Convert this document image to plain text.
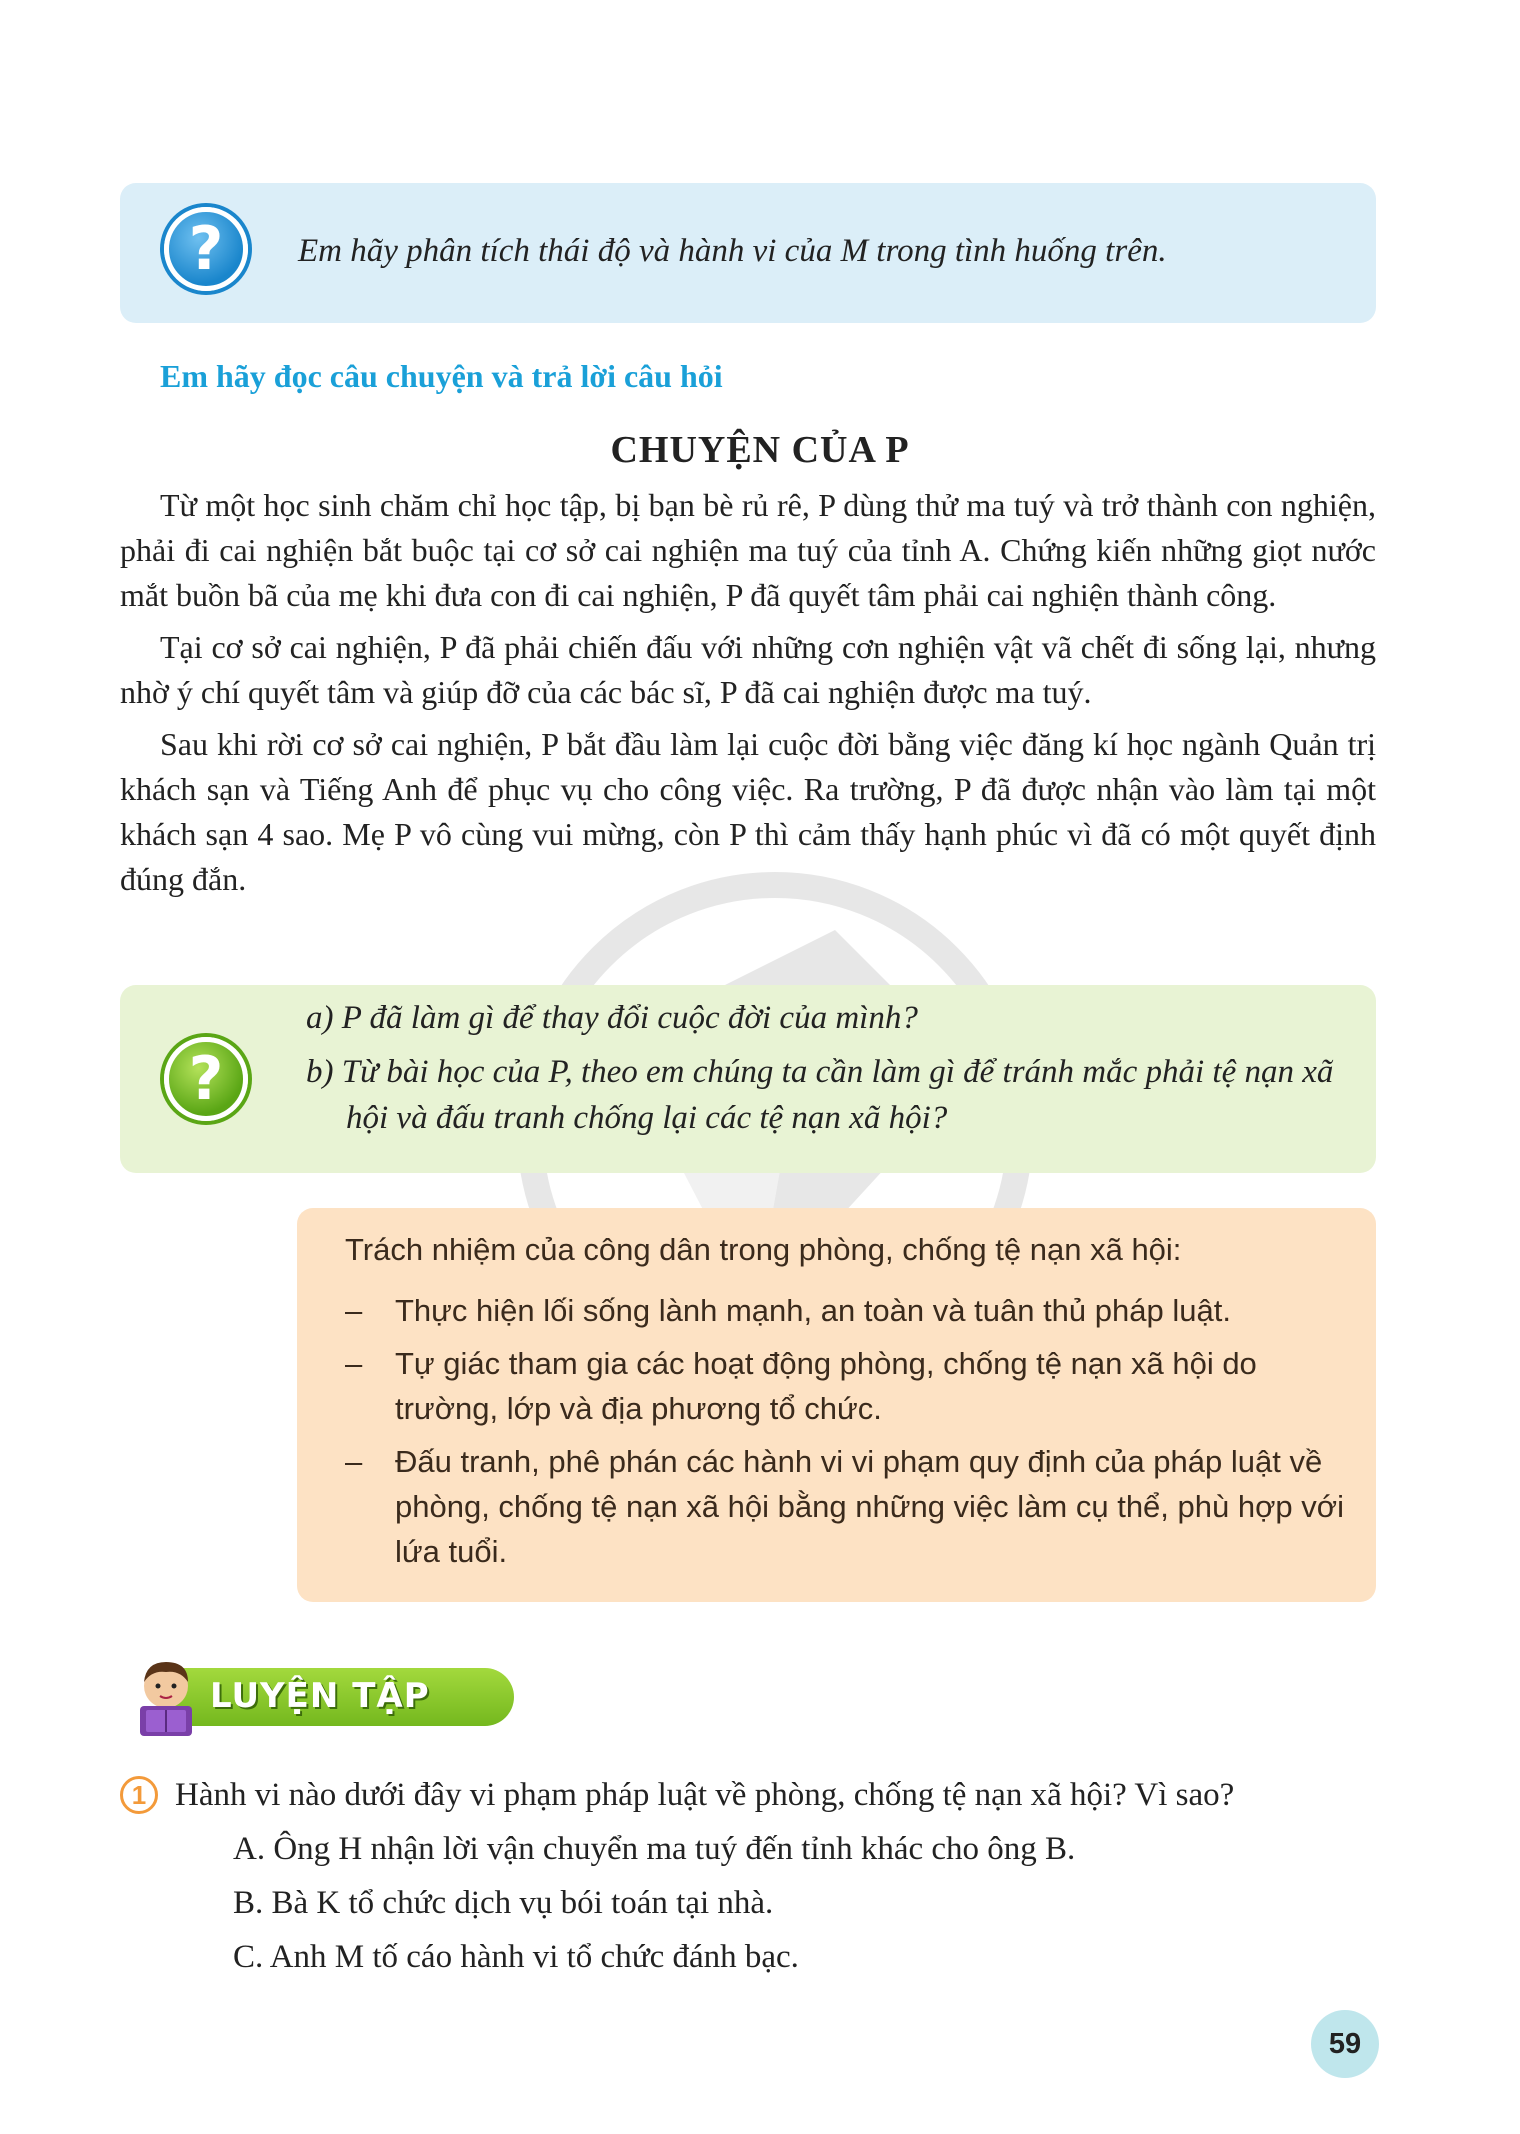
?	Em hãy phân tích thái độ và hành vi của M trong tình huống trên.
Em hãy đọc câu chuyện và trả lời câu hỏi
CHUYỆN CỦA P

Từ một học sinh chăm chỉ học tập, bị bạn bè rủ rê, P dùng thử ma tuý và trở thành con nghiện, phải đi cai nghiện bắt buộc tại cơ sở cai nghiện ma tuý của tỉnh A. Chứng kiến những giọt nước mắt buồn bã của mẹ khi đưa con đi cai nghiện, P đã quyết tâm phải cai nghiện thành công.

Tại cơ sở cai nghiện, P đã phải chiến đấu với những cơn nghiện vật vã chết đi sống lại, nhưng nhờ ý chí quyết tâm và giúp đỡ của các bác sĩ, P đã cai nghiện được ma tuý.

Sau khi rời cơ sở cai nghiện, P bắt đầu làm lại cuộc đời bằng việc đăng kí học ngành Quản trị khách sạn và Tiếng Anh để phục vụ cho công việc. Ra trường, P đã được nhận vào làm tại một khách sạn 4 sao. Mẹ P vô cùng vui mừng, còn P thì cảm thấy hạnh phúc vì đã có một quyết định đúng đắn.

?
a) P đã làm gì để thay đổi cuộc đời của mình?
b) Từ bài học của P, theo em chúng ta cần làm gì để tránh mắc phải tệ nạn xã hội và đấu tranh chống lại các tệ nạn xã hội?
Trách nhiệm của công dân trong phòng, chống tệ nạn xã hội:
– Thực hiện lối sống lành mạnh, an toàn và tuân thủ pháp luật.
– Tự giác tham gia các hoạt động phòng, chống tệ nạn xã hội do trường, lớp và địa phương tổ chức.
– Đấu tranh, phê phán các hành vi vi phạm quy định của pháp luật về phòng, chống tệ nạn xã hội bằng những việc làm cụ thể, phù hợp với lứa tuổi.
LUYỆN TẬP
1 Hành vi nào dưới đây vi phạm pháp luật về phòng, chống tệ nạn xã hội? Vì sao?
A. Ông H nhận lời vận chuyển ma tuý đến tỉnh khác cho ông B.
B. Bà K tổ chức dịch vụ bói toán tại nhà.
C. Anh M tố cáo hành vi tổ chức đánh bạc.
59
